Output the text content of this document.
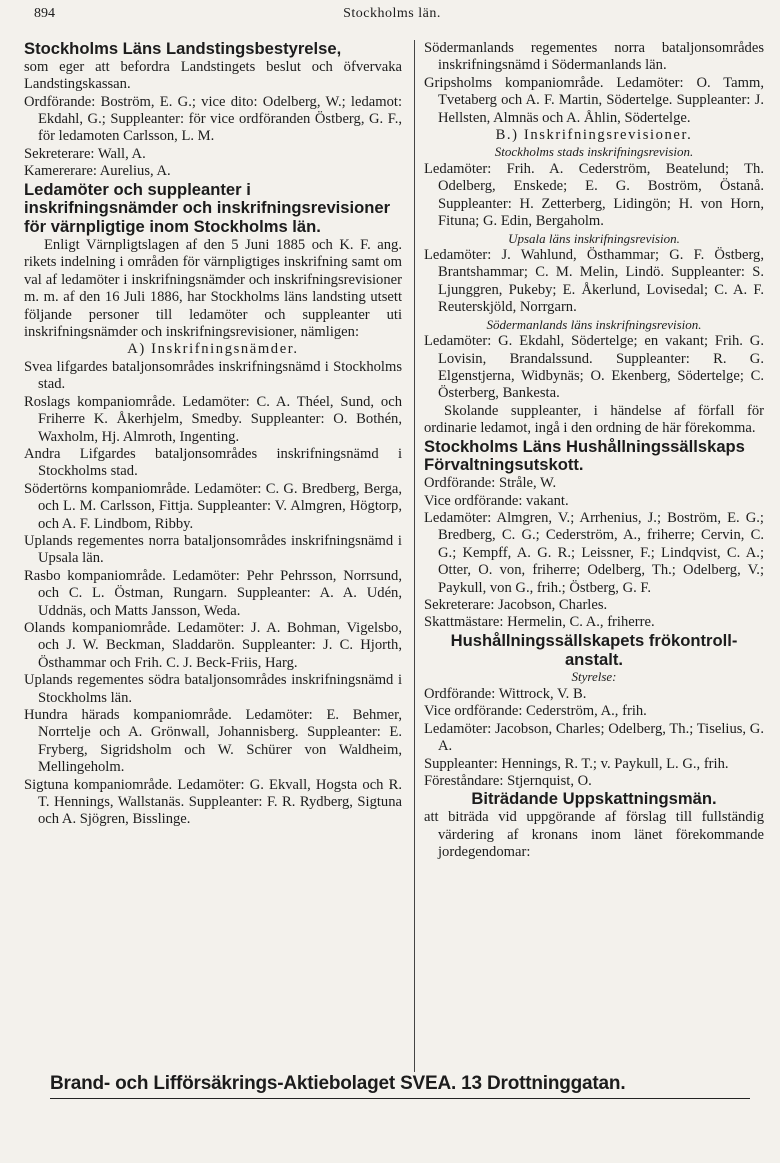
894	Stockholms län.
Stockholms Läns Landstingsbestyrelse,

som eger att befordra Landstingets beslut och öfvervaka Landstingskassan.

Ordförande: Boström, E. G.; vice dito: Odelberg, W.; ledamot: Ekdahl, G.; Suppleanter: för vice ordföranden Östberg, G. F., för ledamoten Carlsson, L. M.

Sekreterare: Wall, A.

Kamererare: Aurelius, A.

Ledamöter och suppleanter i inskrifningsnämder och inskrifningsrevisioner för värnpligtige inom Stockholms län.

Enligt Värnpligtslagen af den 5 Juni 1885 och K. F. ang. rikets indelning i områden för värnpligtiges inskrifning samt om val af ledamöter i inskrifningsnämder och inskrifningsrevisioner m. m. af den 16 Juli 1886, har Stockholms läns landsting utsett följande personer till ledamöter och suppleanter uti inskrifningsnämder och inskrifningsrevisioner, nämligen:

A) Inskrifningsnämder.

Svea lifgardes bataljonsområdes inskrifningsnämd i Stockholms stad.

Roslags kompaniområde. Ledamöter: C. A. Théel, Sund, och Friherre K. Åkerhjelm, Smedby. Suppleanter: O. Bothén, Waxholm, Hj. Almroth, Ingenting.

Andra Lifgardes bataljonsområdes inskrifningsnämd i Stockholms stad.

Södertörns kompaniområde. Ledamöter: C. G. Bredberg, Berga, och L. M. Carlsson, Fittja. Suppleanter: V. Almgren, Högtorp, och A. F. Lindbom, Ribby.

Uplands regementes norra bataljonsområdes inskrifningsnämd i Upsala län.

Rasbo kompaniområde. Ledamöter: Pehr Pehrsson, Norrsund, och C. L. Östman, Rungarn. Suppleanter: A. A. Udén, Uddnäs, och Matts Jansson, Weda.

Olands kompaniområde. Ledamöter: J. A. Bohman, Vigelsbo, och J. W. Beckman, Sladdarön. Suppleanter: J. C. Hjorth, Östhammar och Frih. C. J. Beck-Friis, Harg.

Uplands regementes södra bataljonsområdes inskrifningsnämd i Stockholms län.

Hundra härads kompaniområde. Ledamöter: E. Behmer, Norrtelje och A. Grönwall, Johannisberg. Suppleanter: E. Fryberg, Sigridsholm och W. Schürer von Waldheim, Mellingeholm.

Sigtuna kompaniområde. Ledamöter: G. Ekvall, Hogsta och R. T. Hennings, Wallstanäs. Suppleanter: F. R. Rydberg, Sigtuna och A. Sjögren, Bisslinge.

Södermanlands regementes norra bataljonsområdes inskrifningsnämd i Södermanlands län.

Gripsholms kompaniområde. Ledamöter: O. Tamm, Tvetaberg och A. F. Martin, Södertelge. Suppleanter: J. Hellsten, Almnäs och A. Åhlin, Södertelge.

B.) Inskrifningsrevisioner.

Stockholms stads inskrifningsrevision.

Ledamöter: Frih. A. Cederström, Beatelund; Th. Odelberg, Enskede; E. G. Boström, Östanå. Suppleanter: H. Zetterberg, Lidingön; H. von Horn, Fituna; G. Edin, Bergaholm.

Upsala läns inskrifningsrevision.

Ledamöter: J. Wahlund, Östhammar; G. F. Östberg, Brantshammar; C. M. Melin, Lindö. Suppleanter: S. Ljunggren, Pukeby; E. Åkerlund, Lovisedal; C. A. F. Reuterskjöld, Norrgarn.

Södermanlands läns inskrifningsrevision.

Ledamöter: G. Ekdahl, Södertelge; en vakant; Frih. G. Lovisin, Brandalssund. Suppleanter: R. G. Elgenstjerna, Widbynäs; O. Ekenberg, Södertelge; C. Österberg, Bankesta.

Skolande suppleanter, i händelse af förfall för ordinarie ledamot, ingå i den ordning de här förekomma.

Stockholms Läns Hushållningssällskaps Förvaltningsutskott.

Ordförande: Stråle, W.

Vice ordförande: vakant.

Ledamöter: Almgren, V.; Arrhenius, J.; Boström, E. G.; Bredberg, C. G.; Cederström, A., friherre; Cervin, C. G.; Kempff, A. G. R.; Leissner, F.; Lindqvist, C. A.; Otter, O. von, friherre; Odelberg, Th.; Odelberg, V.; Paykull, von G., frih.; Östberg, G. F.

Sekreterare: Jacobson, Charles.

Skattmästare: Hermelin, C. A., friherre.

Hushållningssällskapets frökontroll-anstalt.

Styrelse:

Ordförande: Wittrock, V. B.

Vice ordförande: Cederström, A., frih.

Ledamöter: Jacobson, Charles; Odelberg, Th.; Tiselius, G. A.

Suppleanter: Hennings, R. T.; v. Paykull, L. G., frih.

Föreståndare: Stjernquist, O.

Biträdande Uppskattningsmän.

att biträda vid uppgörande af förslag till fullständig värdering af kronans inom länet förekommande jordegendomar:

Brand- och Lifförsäkrings-Aktiebolaget SVEA. 13 Drottninggatan.
